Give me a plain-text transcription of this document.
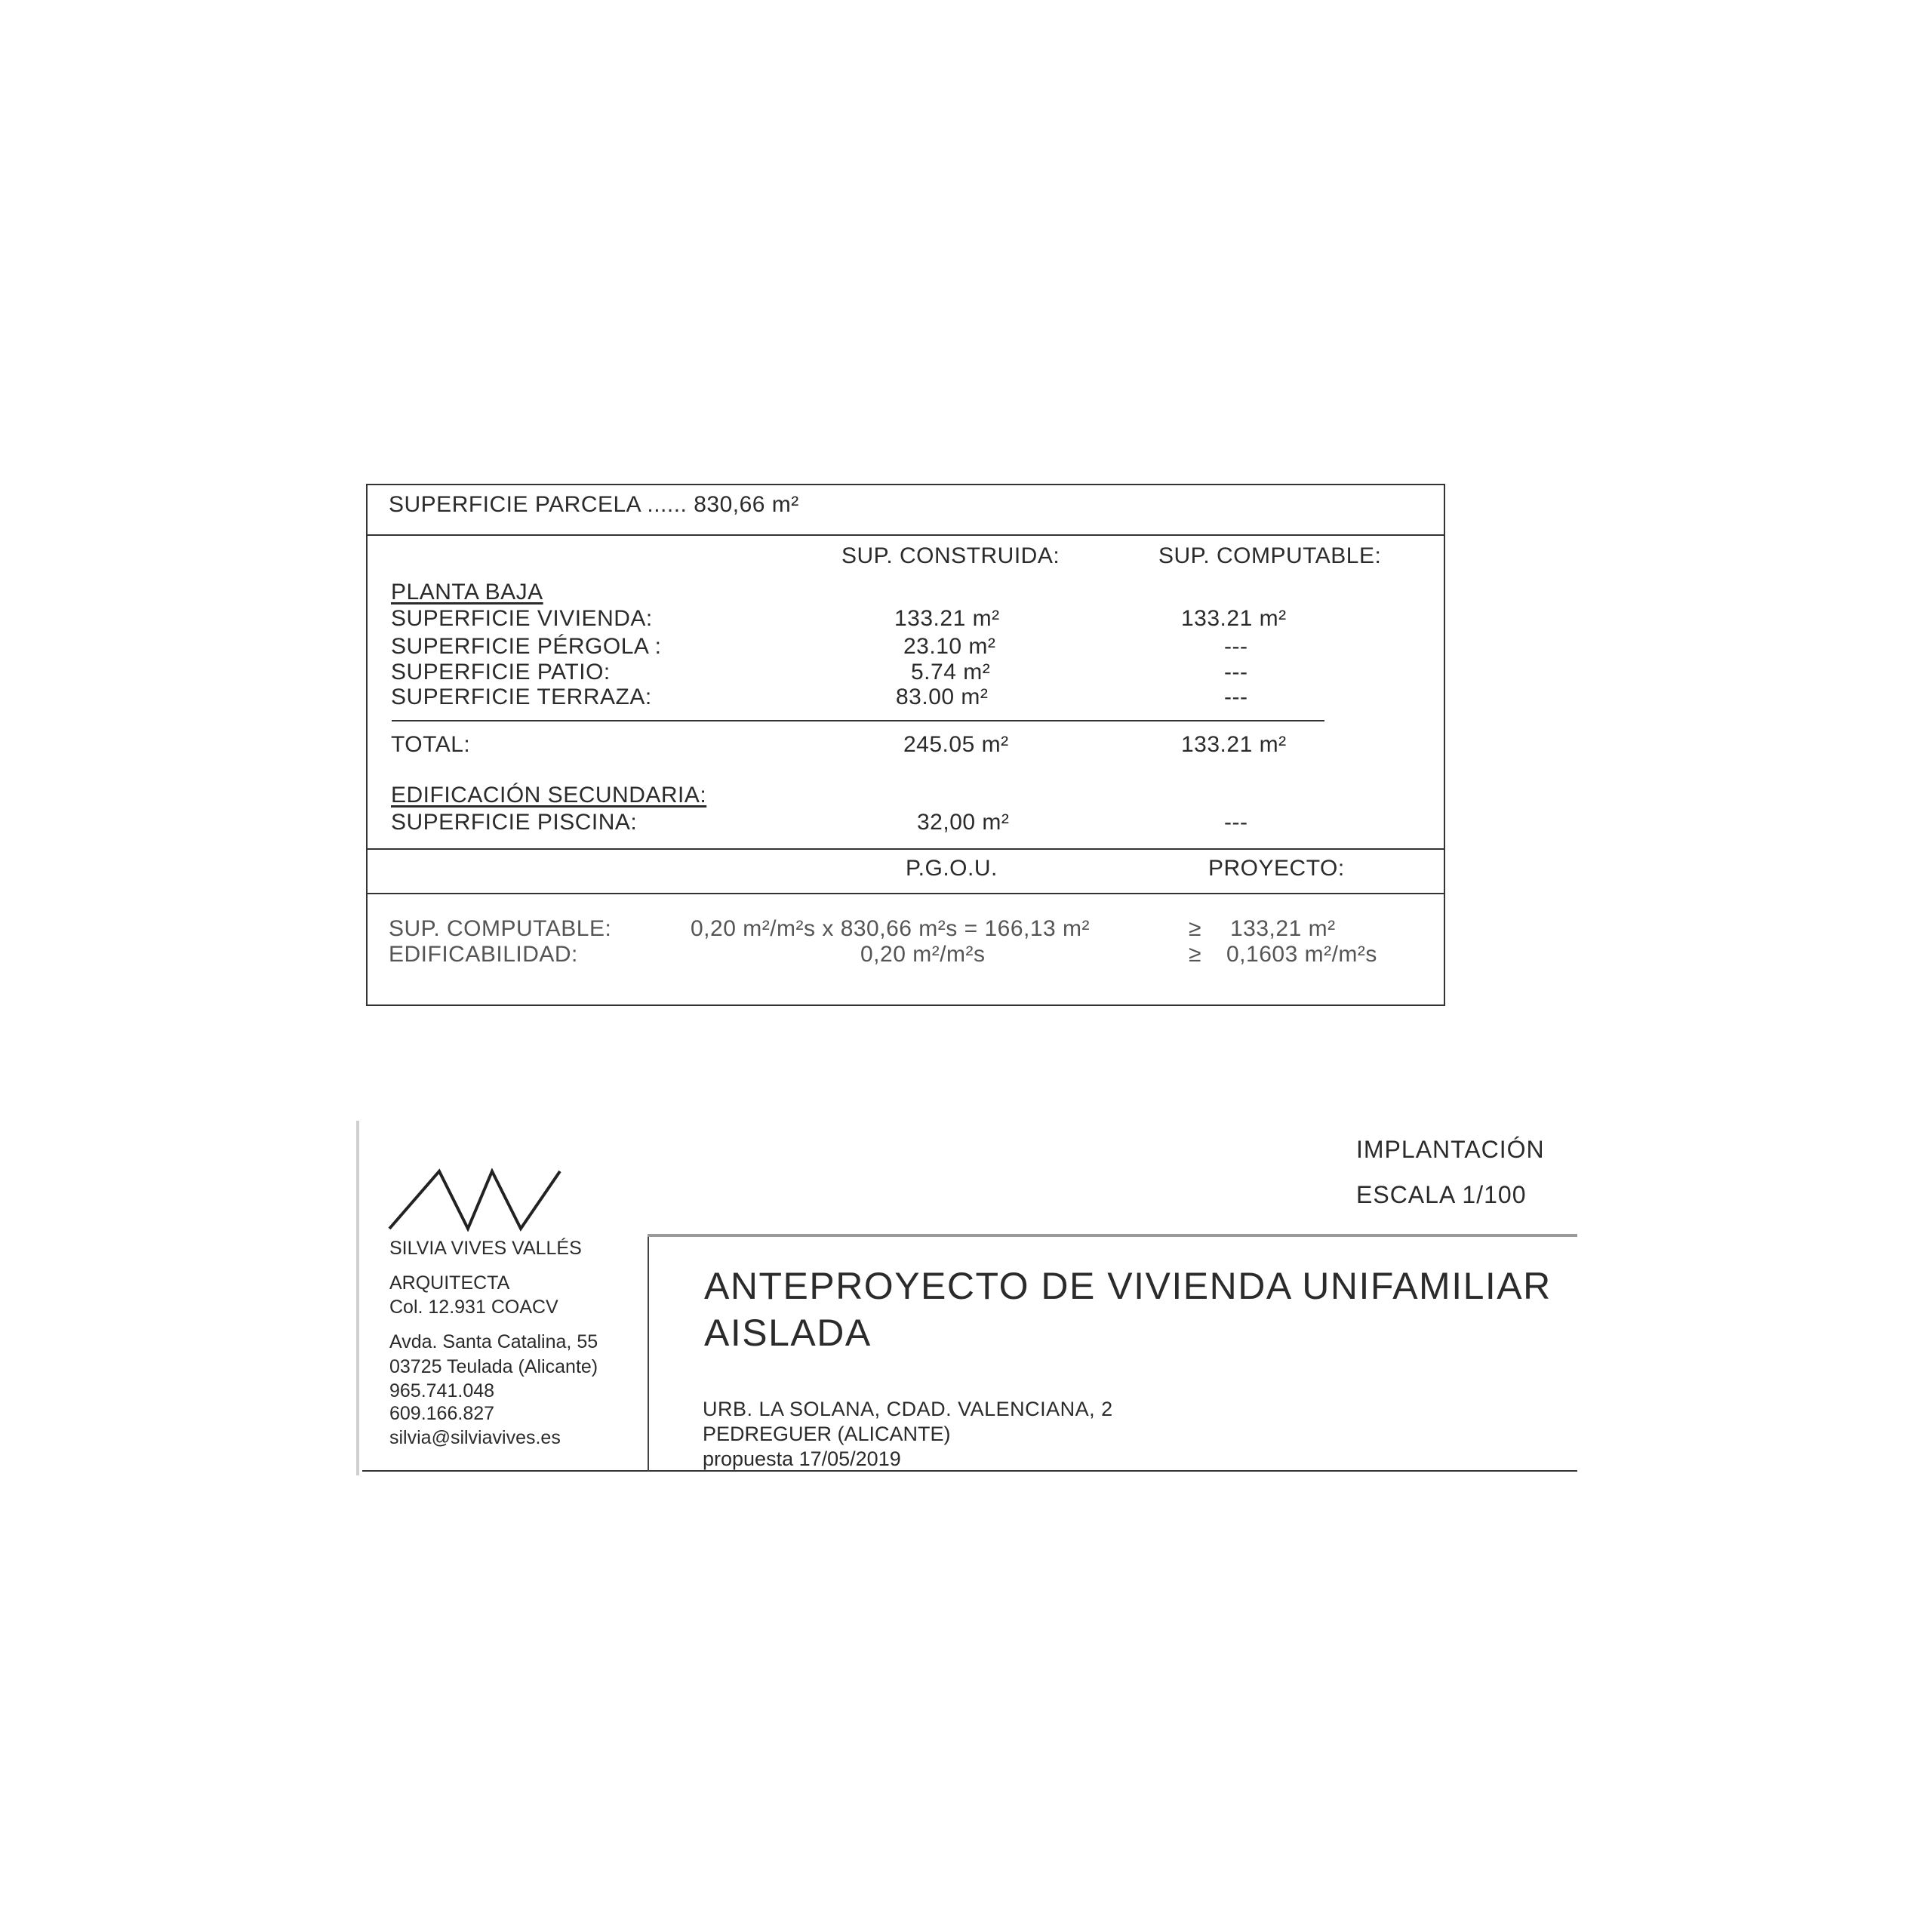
SUPERFICIE PARCELA ...... 830,66 m²
SUP. CONSTRUIDA:	SUP. COMPUTABLE:
PLANTA BAJA
SUPERFICIE VIVIENDA:	133.21 m²	133.21 m²
SUPERFICIE PÉRGOLA :	23.10 m²	---
SUPERFICIE PATIO:	5.74 m²	---
SUPERFICIE TERRAZA:	83.00 m²	---
TOTAL:	245.05 m²	133.21 m²
EDIFICACIÓN SECUNDARIA:
SUPERFICIE PISCINA:	32,00 m²	---
P.G.O.U.	PROYECTO:
SUP. COMPUTABLE:	0,20 m²/m²s x 830,66 m²s = 166,13 m²	≥ 133,21 m²
EDIFICABILIDAD:	0,20 m²/m²s	≥ 0,1603 m²/m²s
SILVIA VIVES VALLÉS
ARQUITECTA
Col. 12.931 COACV
Avda. Santa Catalina, 55
03725 Teulada (Alicante)
965.741.048
609.166.827
silvia@silviavives.es
IMPLANTACIÓN
ESCALA 1/100
ANTEPROYECTO DE VIVIENDA UNIFAMILIAR
AISLADA
URB. LA SOLANA, CDAD. VALENCIANA, 2
PEDREGUER (ALICANTE)
propuesta 17/05/2019
